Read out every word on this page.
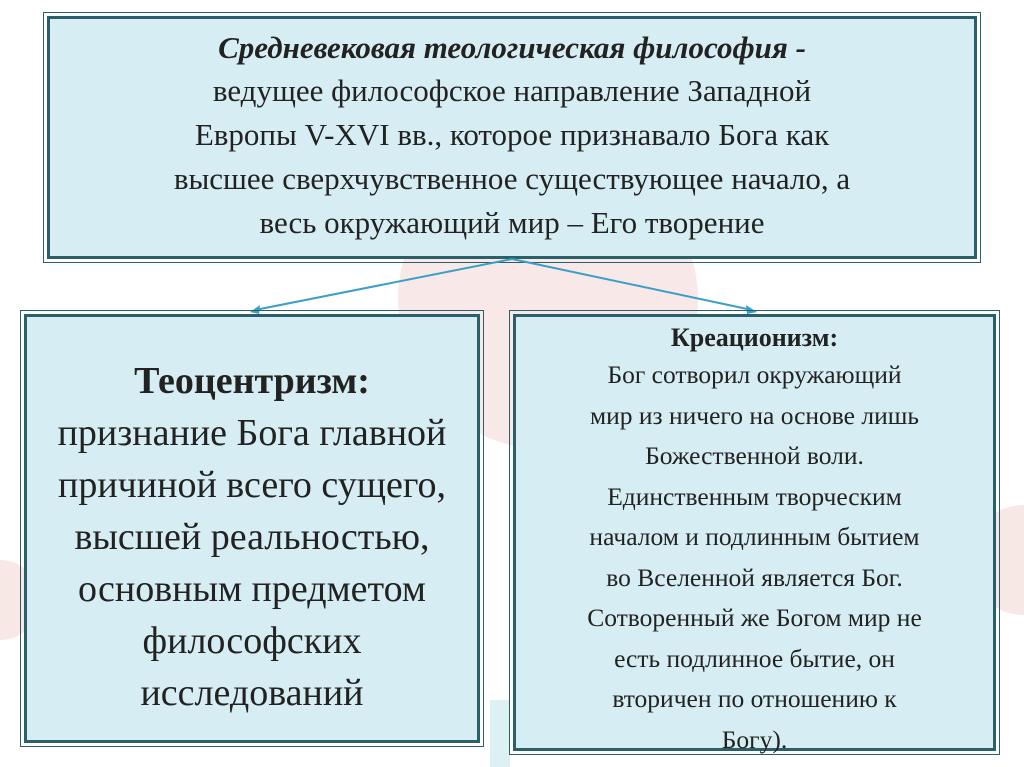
Средневековая теологическая философия -
ведущее философское направление Западной
Европы V-XVI вв., которое признавало Бога как
высшее сверхчувственное существующее начало, а
весь окружающий мир – Его творение
Теоцентризм:
признание Бога главной
причиной всего сущего,
высшей реальностью,
основным предметом
философских
исследований
Креационизм:
Бог сотворил окружающий
мир из ничего на основе лишь
Божественной воли.
Единственным творческим
началом и подлинным бытием
во Вселенной является Бог.
Сотворенный же Богом мир не
есть подлинное бытие, он
вторичен по отношению к
Богу).
